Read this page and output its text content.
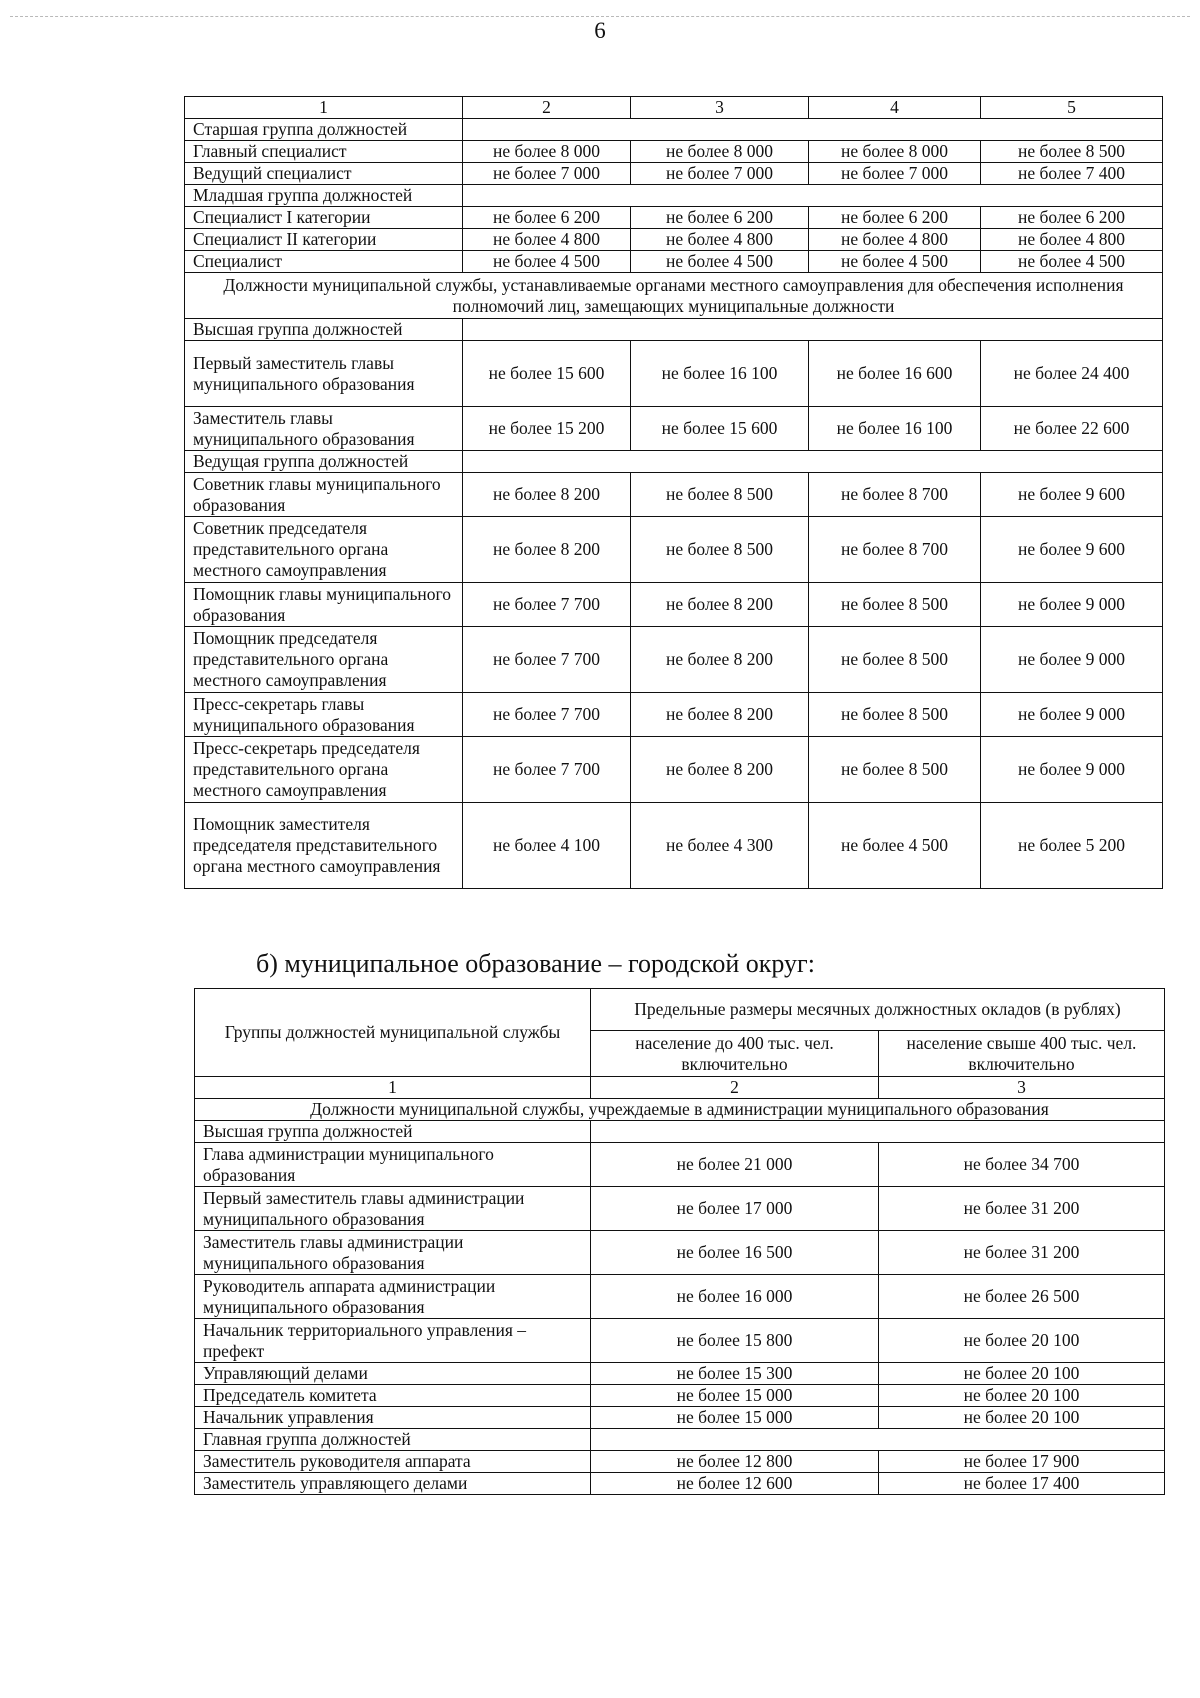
6
1	2	3	4	5
Старшая группа должностей				
Главный специалист	не более 8 000	не более 8 000	не более 8 000	не более 8 500
Ведущий специалист	не более 7 000	не более 7 000	не более 7 000	не более 7 400
Младшая группа должностей				
Специалист I категории	не более 6 200	не более 6 200	не более 6 200	не более 6 200
Специалист II категории	не более 4 800	не более 4 800	не более 4 800	не более 4 800
Специалист	не более 4 500	не более 4 500	не более 4 500	не более 4 500
Должности муниципальной службы, устанавливаемые органами местного самоуправления для обеспечения исполнения полномочий лиц, замещающих муниципальные должности				
Высшая группа должностей				
Первый заместитель главы муниципального образования	не более 15 600	не более 16 100	не более 16 600	не более 24 400
Заместитель главы муниципального образования	не более 15 200	не более 15 600	не более 16 100	не более 22 600
Ведущая группа должностей				
Советник главы муниципального образования	не более 8 200	не более 8 500	не более 8 700	не более 9 600
Советник председателя представительного органа местного самоуправления	не более 8 200	не более 8 500	не более 8 700	не более 9 600
Помощник главы муниципального образования	не более 7 700	не более 8 200	не более 8 500	не более 9 000
Помощник председателя представительного органа местного самоуправления	не более 7 700	не более 8 200	не более 8 500	не более 9 000
Пресс-секретарь главы муниципального образования	не более 7 700	не более 8 200	не более 8 500	не более 9 000
Пресс-секретарь председателя представительного органа местного самоуправления	не более 7 700	не более 8 200	не более 8 500	не более 9 000
Помощник заместителя председателя представительного органа местного самоуправления	не более 4 100	не более 4 300	не более 4 500	не более 5 200
б) муниципальное образование – городской округ:
Группы должностей муниципальной службы	Предельные размеры месячных должностных окладов (в рублях)	
	население до 400 тыс. чел. включительно	население свыше 400 тыс. чел. включительно
1	2	3
Должности муниципальной службы, учреждаемые в администрации муниципального образования		
Высшая группа должностей		
Глава администрации муниципального образования	не более 21 000	не более 34 700
Первый заместитель главы администрации муниципального образования	не более 17 000	не более 31 200
Заместитель главы администрации муниципального образования	не более 16 500	не более 31 200
Руководитель аппарата администрации муниципального образования	не более 16 000	не более 26 500
Начальник территориального управления – префект	не более 15 800	не более 20 100
Управляющий делами	не более 15 300	не более 20 100
Председатель комитета	не более 15 000	не более 20 100
Начальник управления	не более 15 000	не более 20 100
Главная группа должностей		
Заместитель руководителя аппарата	не более 12 800	не более 17 900
Заместитель управляющего делами	не более 12 600	не более 17 400
